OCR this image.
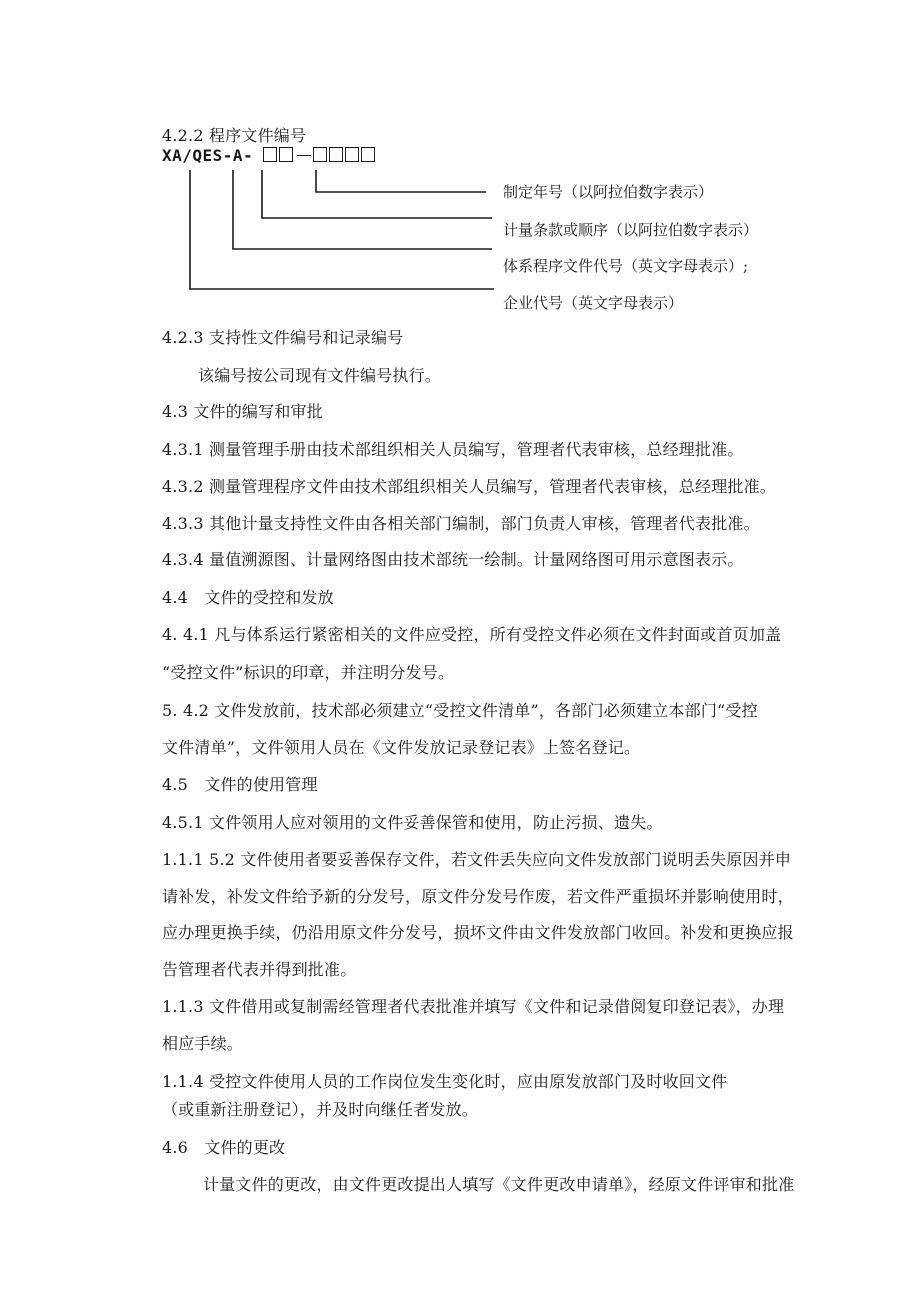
4.2.2 程序文件编号
XA/QES-A-
制定年号（以阿拉伯数字表示）
计量条款或顺序（以阿拉伯数字表示）
体系程序文件代号（英文字母表示）;
企业代号（英文字母表示）
4.2.3 支持性文件编号和记录编号
该编号按公司现有文件编号执行。
4.3 文件的编写和审批
4.3.1 测量管理手册由技术部组织相关人员编写，管理者代表审核，总经理批准。
4.3.2 测量管理程序文件由技术部组织相关人员编写，管理者代表审核，总经理批准。
4.3.3 其他计量支持性文件由各相关部门编制，部门负责人审核，管理者代表批准。
4.3.4 量值溯源图、计量网络图由技术部统一绘制。计量网络图可用示意图表示。
4.4　文件的受控和发放
4. 4.1 凡与体系运行紧密相关的文件应受控，所有受控文件必须在文件封面或首页加盖
“受控文件”标识的印章，并注明分发号。
5. 4.2 文件发放前，技术部必须建立“受控文件清单”，各部门必须建立本部门“受控
文件清单”，文件领用人员在《文件发放记录登记表》上签名登记。
4.5　文件的使用管理
4.5.1 文件领用人应对领用的文件妥善保管和使用，防止污损、遗失。
1.1.1 5.2 文件使用者要妥善保存文件，若文件丢失应向文件发放部门说明丢失原因并申
请补发，补发文件给予新的分发号，原文件分发号作废，若文件严重损坏并影响使用时，
应办理更换手续，仍沿用原文件分发号，损坏文件由文件发放部门收回。补发和更换应报
告管理者代表并得到批准。
1.1.3 文件借用或复制需经管理者代表批准并填写《文件和记录借阅复印登记表》，办理
相应手续。
1.1.4 受控文件使用人员的工作岗位发生变化时，应由原发放部门及时收回文件
（或重新注册登记），并及时向继任者发放。
4.6　文件的更改
计量文件的更改，由文件更改提出人填写《文件更改申请单》，经原文件评审和批准
